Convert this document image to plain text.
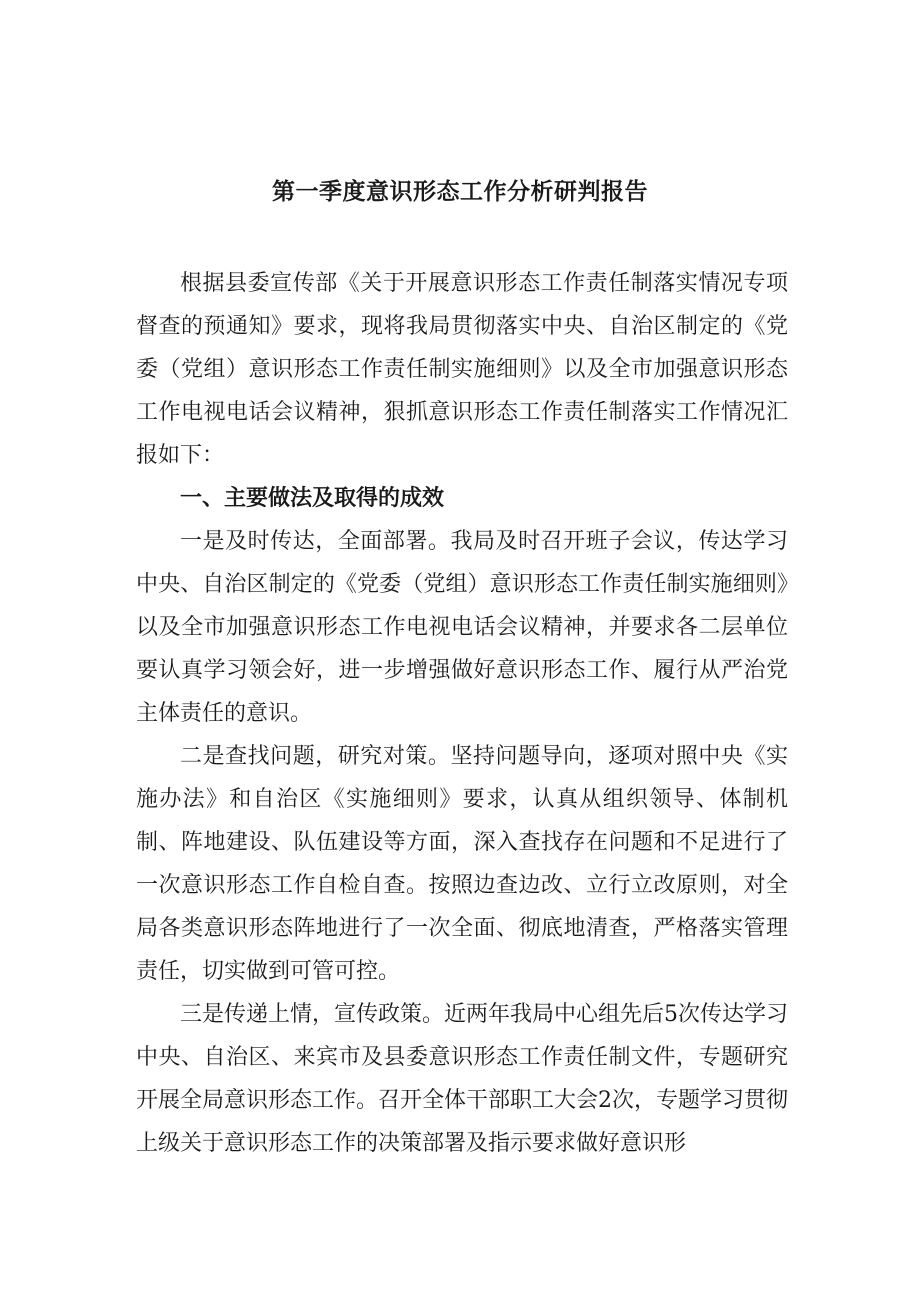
第一季度意识形态工作分析研判报告

根据县委宣传部《关于开展意识形态工作责任制落实情况专项督查的预通知》要求，现将我局贯彻落实中央、自治区制定的《党委（党组）意识形态工作责任制实施细则》以及全市加强意识形态工作电视电话会议精神，狠抓意识形态工作责任制落实工作情况汇报如下：

一、主要做法及取得的成效

一是及时传达，全面部署。我局及时召开班子会议，传达学习中央、自治区制定的《党委（党组）意识形态工作责任制实施细则》以及全市加强意识形态工作电视电话会议精神，并要求各二层单位要认真学习领会好，进一步增强做好意识形态工作、履行从严治党主体责任的意识。

二是查找问题，研究对策。坚持问题导向，逐项对照中央《实施办法》和自治区《实施细则》要求，认真从组织领导、体制机制、阵地建设、队伍建设等方面，深入查找存在问题和不足进行了一次意识形态工作自检自查。按照边查边改、立行立改原则，对全局各类意识形态阵地进行了一次全面、彻底地清查，严格落实管理责任，切实做到可管可控。

三是传递上情，宣传政策。近两年我局中心组先后5次传达学习中央、自治区、来宾市及县委意识形态工作责任制文件，专题研究开展全局意识形态工作。召开全体干部职工大会2次，专题学习贯彻上级关于意识形态工作的决策部署及指示要求做好意识形
